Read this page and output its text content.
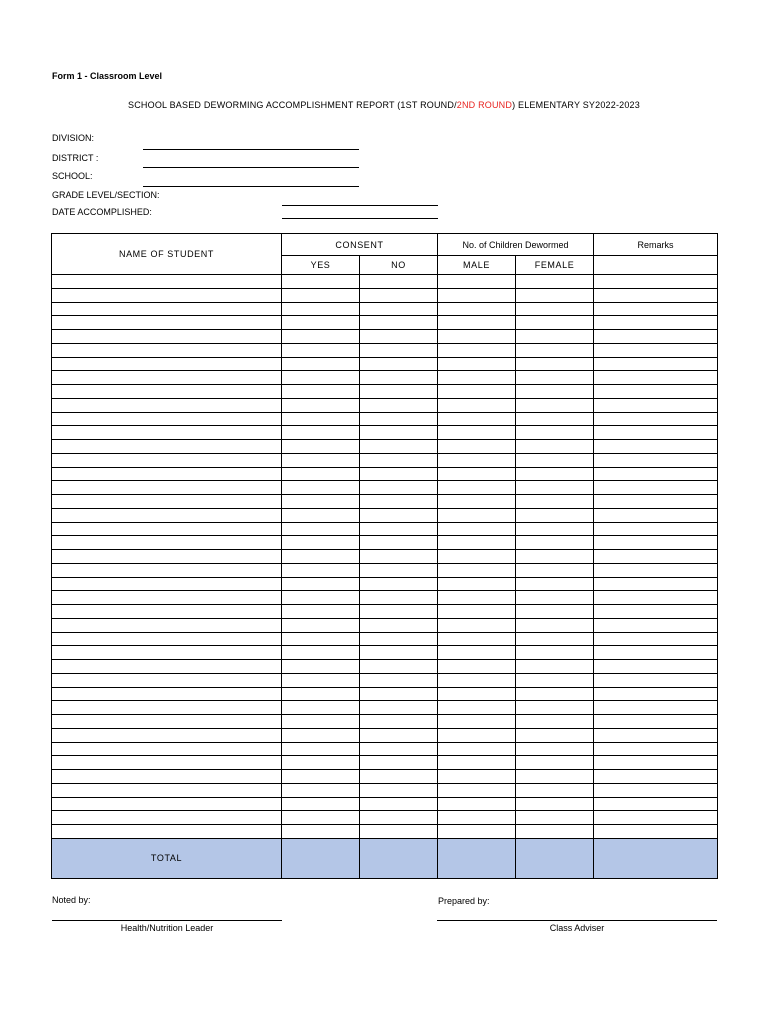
Form 1 - Classroom Level
SCHOOL BASED DEWORMING ACCOMPLISHMENT REPORT (1ST ROUND/2ND ROUND) ELEMENTARY SY2022-2023
DIVISION:
DISTRICT :
SCHOOL:
GRADE LEVEL/SECTION:
DATE ACCOMPLISHED:
NAME OF STUDENT	CONSENT		No. of Children Dewormed		Remarks
	YES	NO	MALE	FEMALE	

TOTAL					
Noted by:
Health/Nutrition Leader
Prepared by:
Class Adviser
